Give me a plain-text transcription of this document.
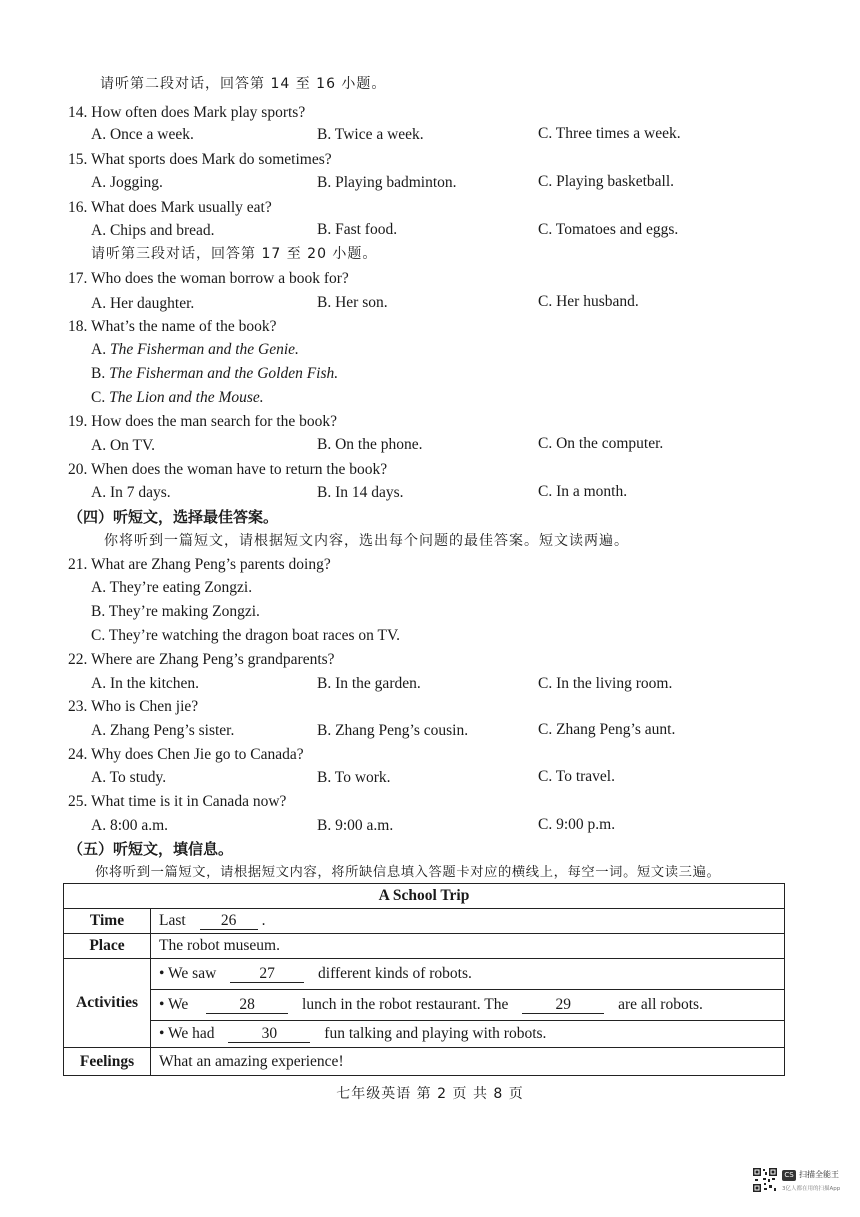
请听第二段对话，回答第 14 至 16 小题。
14. How often does Mark play sports?
A. Once a week.	B. Twice a week.	C. Three times a week.
15. What sports does Mark do sometimes?
A. Jogging.	B. Playing badminton.	C. Playing basketball.
16. What does Mark usually eat?
A. Chips and bread.	B. Fast food.	C. Tomatoes and eggs.
请听第三段对话，回答第 17 至 20 小题。
17. Who does the woman borrow a book for?
A. Her daughter.	B. Her son.	C. Her husband.
18. What’s the name of the book?
A. The Fisherman and the Genie.
B. The Fisherman and the Golden Fish.
C. The Lion and the Mouse.
19. How does the man search for the book?
A. On TV.	B. On the phone.	C. On the computer.
20. When does the woman have to return the book?
A. In 7 days.	B. In 14 days.	C. In a month.
（四）听短文，选择最佳答案。
你将听到一篇短文，请根据短文内容，选出每个问题的最佳答案。短文读两遍。
21. What are Zhang Peng’s parents doing?
A. They’re eating Zongzi.
B. They’re making Zongzi.
C. They’re watching the dragon boat races on TV.
22. Where are Zhang Peng’s grandparents?
A. In the kitchen.	B. In the garden.	C. In the living room.
23. Who is Chen jie?
A. Zhang Peng’s sister.	B. Zhang Peng’s cousin.	C. Zhang Peng’s aunt.
24. Why does Chen Jie go to Canada?
A. To study.	B. To work.	C. To travel.
25. What time is it in Canada now?
A. 8:00 a.m.	B. 9:00 a.m.	C. 9:00 p.m.
（五）听短文，填信息。
你将听到一篇短文，请根据短文内容，将所缺信息填入答题卡对应的横线上，每空一词。短文读三遍。
A School Trip	
Time	Last 26 .
Place	The robot museum.
Activities	• We saw 27 different kinds of robots.
	• We 28 lunch in the robot restaurant. The 29 are all robots.
	• We had 30 fun talking and playing with robots.
Feelings	What an amazing experience!
七年级英语 第 2 页 共 8 页
CS 扫描全能王
3亿人都在用的扫描App
